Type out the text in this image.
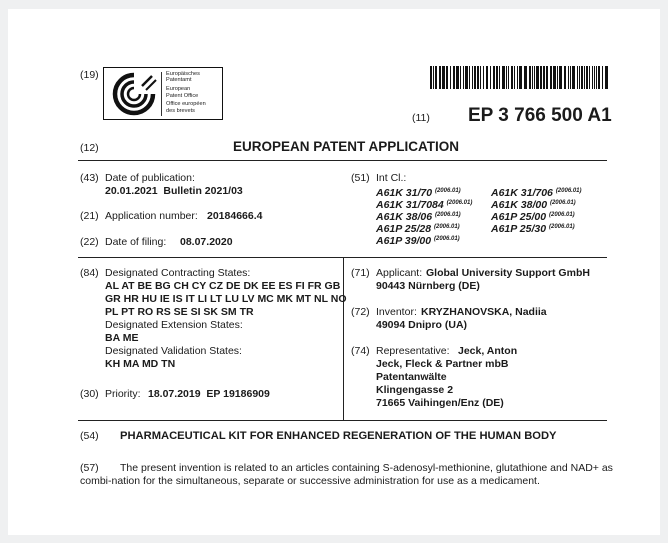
(19)	Europäisches
Patentamt
European
Patent Office
Office européen
des brevets
(11) EP 3 766 500 A1
(12)	EUROPEAN PATENT APPLICATION
(43) Date of publication:
20.01.2021  Bulletin 2021/03
(21) Application number: 20184666.4
(22) Date of filing: 08.07.2020
(51) Int Cl.:
A61K 31/70 $^{(2006.01)}$
A61K 31/7084 $^{(2006.01)}$
A61K 38/06 $^{(2006.01)}$
A61P 25/28 $^{(2006.01)}$
A61P 39/00 $^{(2006.01)}$
A61K 31/706 $^{(2006.01)}$
A61K 38/00 $^{(2006.01)}$
A61P 25/00 $^{(2006.01)}$
A61P 25/30 $^{(2006.01)}$
(84) Designated Contracting States:
AL AT BE BG CH CY CZ DE DK EE ES FI FR GB
GR HR HU IE IS IT LI LT LU LV MC MK MT NL NO
PL PT RO RS SE SI SK SM TR
Designated Extension States:
BA ME
Designated Validation States:
KH MA MD TN
(30) Priority: 18.07.2019  EP 19186909
(71) Applicant: Global University Support GmbH
90443 Nürnberg (DE)
(72) Inventor: KRYZHANOVSKA, Nadiia
49094 Dnipro (UA)
(74) Representative: Jeck, Anton
Jeck, Fleck & Partner mbB
Patentanwälte
Klingengasse 2
71665 Vaihingen/Enz (DE)
(54) PHARMACEUTICAL KIT FOR ENHANCED REGENERATION OF THE HUMAN BODY
(57) The present invention is related to an articles containing S-adenosyl-methionine, glutathione and NAD+ as
combi-nation for the simultaneous, separate or successive administration for use as a medicament.
